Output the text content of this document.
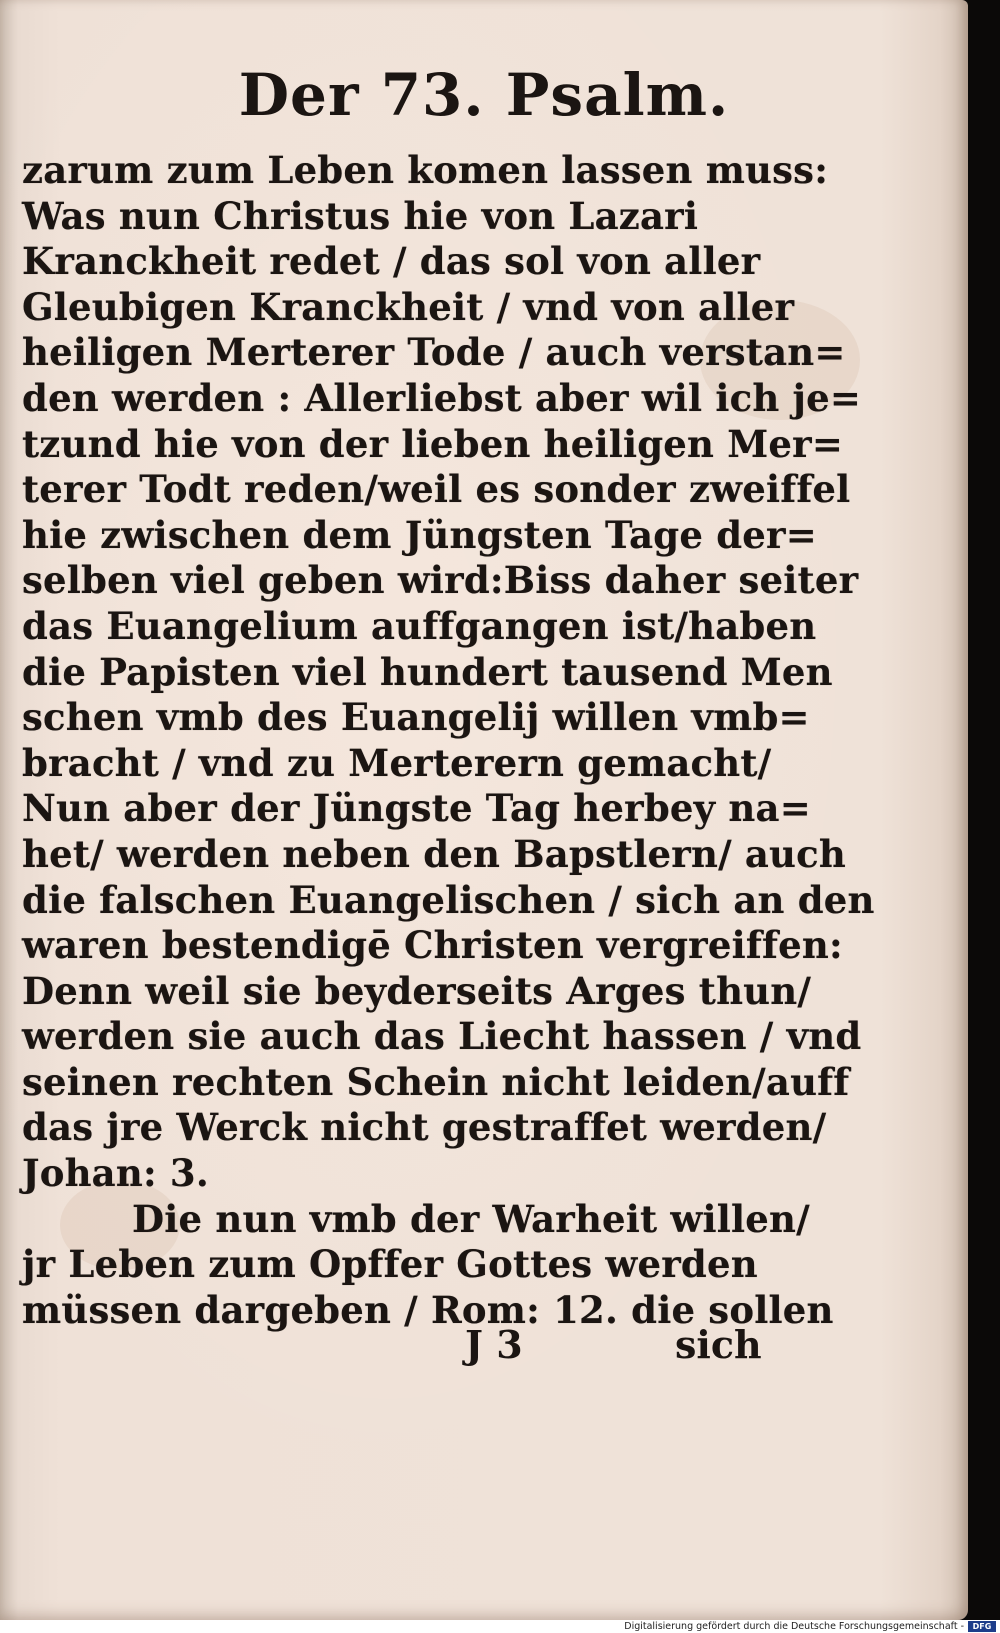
Der 73. Psalm.
zarum zum Leben komen lassen muss:
Was nun Christus hie von Lazari
Kranckheit redet / das sol von aller
Gleubigen Kranckheit / vnd von aller
heiligen Merterer Tode / auch verstan=
den werden : Allerliebst aber wil ich je=
tzund hie von der lieben heiligen Mer=
terer Todt reden/weil es sonder zweiffel
hie zwischen dem Jüngsten Tage der=
selben viel geben wird:Biss daher seiter
das Euangelium auffgangen ist/haben
die Papisten viel hundert tausend Men
schen vmb des Euangelij willen vmb=
bracht / vnd zu Merterern gemacht/
Nun aber der Jüngste Tag herbey na=
het/ werden neben den Bapstlern/ auch
die falschen Euangelischen / sich an den
waren bestendigē Christen vergreiffen:
Denn weil sie beyderseits Arges thun/
werden sie auch das Liecht hassen / vnd
seinen rechten Schein nicht leiden/auff
das jre Werck nicht gestraffet werden/
Johan: 3.
Die nun vmb der Warheit willen/
jr Leben zum Opffer Gottes werden
müssen dargeben / Rom: 12. die sollen
J 3	sich
Digitalisierung gefördert durch die Deutsche Forschungsgemeinschaft -	DFG
